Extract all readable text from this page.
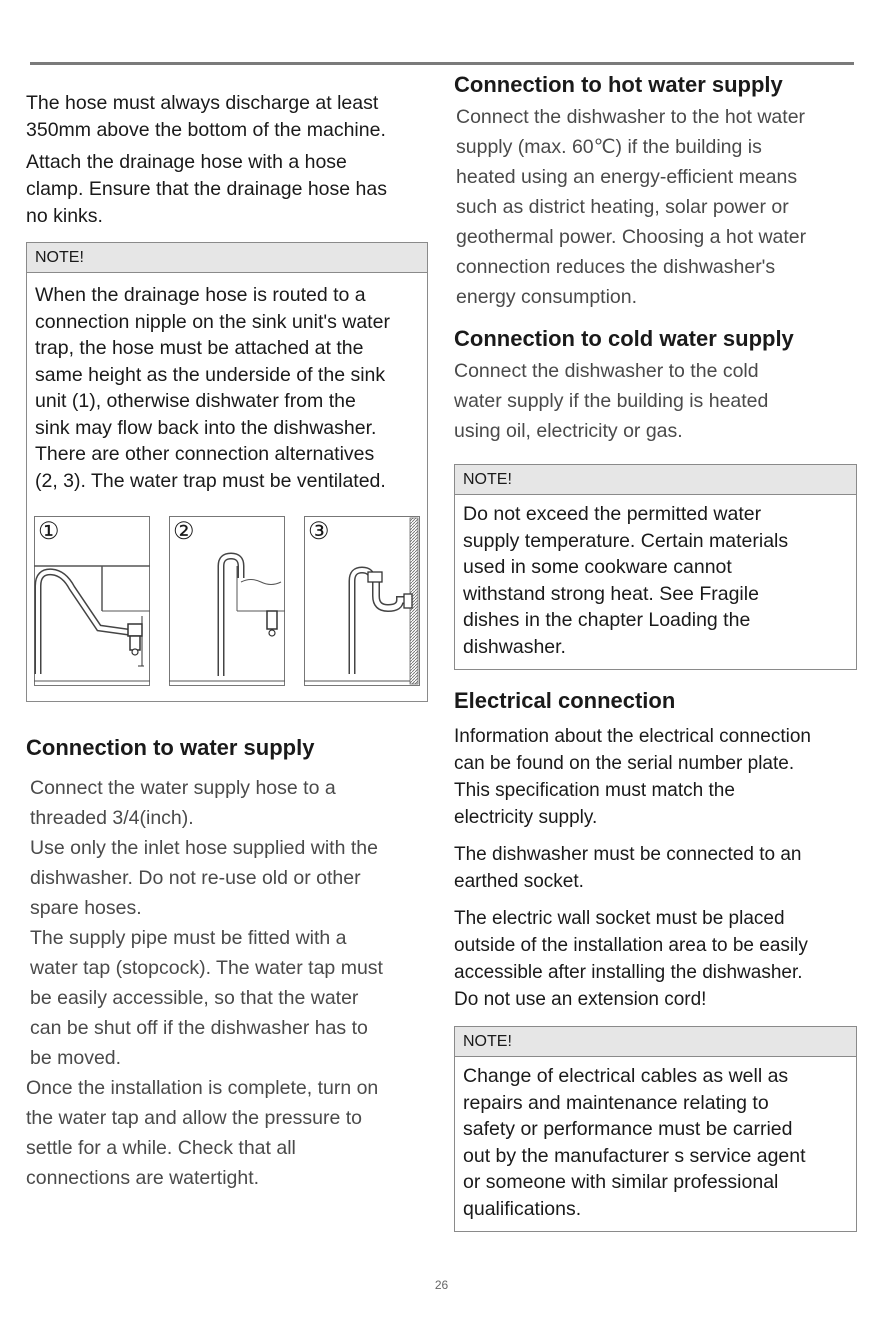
The hose must always discharge at least

350mm above the bottom of the machine.

Attach the drainage hose with a hose

clamp. Ensure that the drainage hose has

no kinks.

NOTE!
When the drainage hose is routed to a
connection nipple on the sink unit's water
trap, the hose must be attached at the
same height as the underside of the sink
unit (1), otherwise dishwater from the
sink may flow back into the dishwasher.
There are other connection alternatives
(2, 3). The water trap must be ventilated.
①	②	③
Connection to water supply

Connect the water supply hose to a

threaded 3/4(inch).

Use only the inlet hose supplied with the

dishwasher. Do not re-use old or other

spare hoses.

The supply pipe must be fitted with a

water tap (stopcock). The water tap must

be easily accessible, so that the water

can be shut off if the dishwasher has to

be moved.

Once the installation is complete, turn on

the water tap and allow the pressure to

settle for a while. Check that all

connections are watertight.

Connection to hot water supply

Connect the dishwasher to the hot water

supply (max. 60℃) if the building is

heated using an energy-efficient means

such as district heating, solar power or

geothermal power. Choosing a hot water

connection reduces the dishwasher's

energy consumption.

Connection to cold water supply

Connect the dishwasher to the cold

water supply if the building is heated

using oil, electricity or gas.

NOTE!
Do not exceed the permitted water
supply temperature. Certain materials
used in some cookware cannot
withstand strong heat. See Fragile
dishes in the chapter Loading the
dishwasher.
Electrical connection

Information about the electrical connection

can be found on the serial number plate.

This specification must match the

electricity supply.

The dishwasher must be connected to an

earthed socket.

The electric wall socket must be placed

outside of the installation area to be easily

accessible after installing the dishwasher.

Do not use an extension cord!

NOTE!
Change of electrical cables as well as
repairs and maintenance relating to
safety or performance must be carried
out by the manufacturer s service agent
or someone with similar professional
qualifications.
26
